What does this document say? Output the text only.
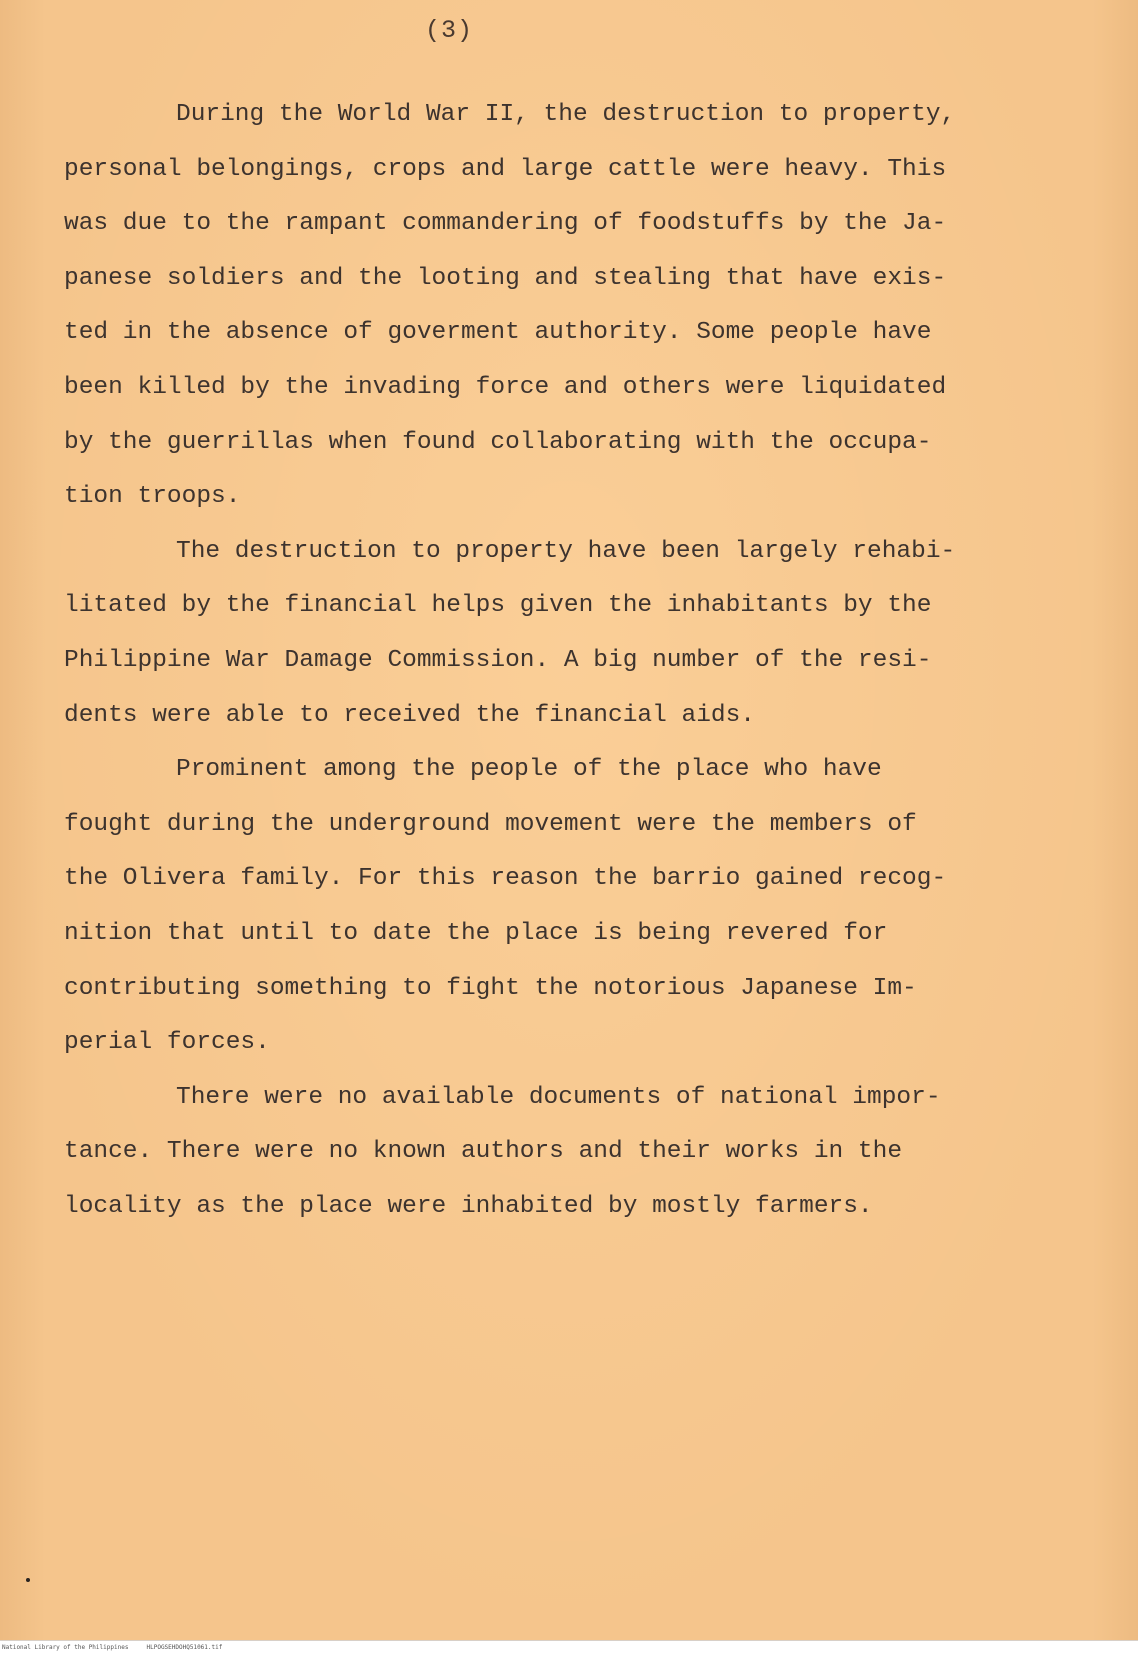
(3)
During the World War II, the destruction to property,
personal belongings, crops and large cattle were heavy. This
was due to the rampant commandering of foodstuffs by the Ja-
panese soldiers and the looting and stealing that have exis-
ted in the absence of goverment authority. Some people have
been killed by the invading force and others were liquidated
by the guerrillas when found collaborating with the occupa-
tion troops.
The destruction to property have been largely rehabi-
litated by the financial helps given the inhabitants by the
Philippine War Damage Commission. A big number of the resi-
dents were able to received the financial aids.
Prominent among the people of the place who have
fought during the underground movement were the members of
the Olivera family. For this reason the barrio gained recog-
nition that until to date the place is being revered for
contributing something to fight the notorious Japanese Im-
perial forces.
There were no available documents of national impor-
tance. There were no known authors and their works in the
locality as the place were inhabited by mostly farmers.
National Library of the Philippines     HLPOGSEHDOHQ51061.tif
